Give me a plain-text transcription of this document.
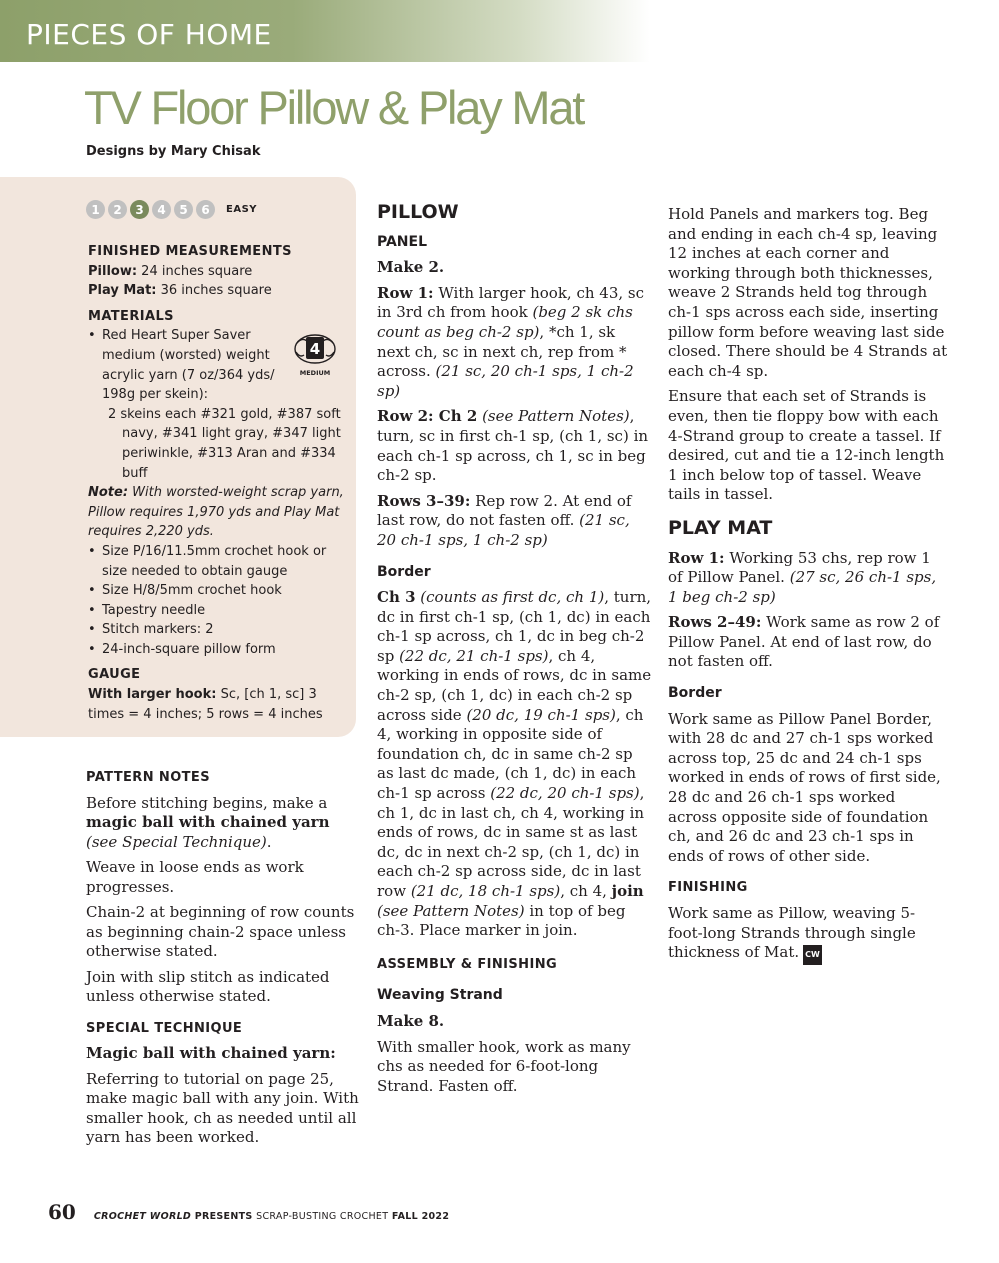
PIECES OF HOME
TV Floor Pillow & Play Mat
Designs by Mary Chisak
1	2	3	4	5	6	EASY
4
MEDIUM
FINISHED MEASUREMENTS
Pillow: 24 inches square
Play Mat: 36 inches square
MATERIALS
• Red Heart Super Saver medium (worsted) weight acrylic yarn (7 oz/364 yds/ 198g per skein):
2 skeins each #321 gold, #387 soft navy, #341 light gray, #347 light periwinkle, #313 Aran and #334 buff
Note: With worsted-weight scrap yarn, Pillow requires 1,970 yds and Play Mat requires 2,220 yds.
• Size P/16/11.5mm crochet hook or size needed to obtain gauge
• Size H/8/5mm crochet hook
• Tapestry needle
• Stitch markers: 2
• 24-inch-square pillow form
GAUGE
With larger hook: Sc, [ch 1, sc] 3 times = 4 inches; 5 rows = 4 inches
PATTERN NOTES

Before stitching begins, make a magic ball with chained yarn (see Special Technique).

Weave in loose ends as work progresses.

Chain-2 at beginning of row counts as beginning chain-2 space unless otherwise stated.

Join with slip stitch as indicated unless otherwise stated.

SPECIAL TECHNIQUE

Magic ball with chained yarn:

Referring to tutorial on page 25, make magic ball with any join. With smaller hook, ch as needed until all yarn has been worked.

PILLOW
PANEL

Make 2.

Row 1: With larger hook, ch 43, sc in 3rd ch from hook (beg 2 sk chs count as beg ch-2 sp), *ch 1, sk next ch, sc in next ch, rep from * across. (21 sc, 20 ch-1 sps, 1 ch-2 sp)

Row 2: Ch 2 (see Pattern Notes), turn, sc in first ch-1 sp, (ch 1, sc) in each ch-1 sp across, ch 1, sc in beg ch-2 sp.

Rows 3–39: Rep row 2. At end of last row, do not fasten off. (21 sc, 20 ch-1 sps, 1 ch-2 sp)

Border

Ch 3 (counts as first dc, ch 1), turn, dc in first ch-1 sp, (ch 1, dc) in each ch-1 sp across, ch 1, dc in beg ch-2 sp (22 dc, 21 ch-1 sps), ch 4, working in ends of rows, dc in same ch-2 sp, (ch 1, dc) in each ch-2 sp across side (20 dc, 19 ch-1 sps), ch 4, working in opposite side of foundation ch, dc in same ch-2 sp as last dc made, (ch 1, dc) in each ch-1 sp across (22 dc, 20 ch-1 sps), ch 1, dc in last ch, ch 4, working in ends of rows, dc in same st as last dc, dc in next ch-2 sp, (ch 1, dc) in each ch-2 sp across side, dc in last row (21 dc, 18 ch-1 sps), ch 4, join (see Pattern Notes) in top of beg ch-3. Place marker in join.

ASSEMBLY & FINISHING
Weaving Strand

Make 8.

With smaller hook, work as many chs as needed for 6-foot-long Strand. Fasten off.

Hold Panels and markers tog. Beg and ending in each ch-4 sp, leaving 12 inches at each corner and working through both thicknesses, weave 2 Strands held tog through ch-1 sps across each side, inserting pillow form before weaving last side closed. There should be 4 Strands at each ch-4 sp.

Ensure that each set of Strands is even, then tie floppy bow with each 4-Strand group to create a tassel. If desired, cut and tie a 12-inch length 1 inch below top of tassel. Weave tails in tassel.

PLAY MAT

Row 1: Working 53 chs, rep row 1 of Pillow Panel. (27 sc, 26 ch-1 sps, 1 beg ch-2 sp)

Rows 2–49: Work same as row 2 of Pillow Panel. At end of last row, do not fasten off.

Border

Work same as Pillow Panel Border, with 28 dc and 27 ch-1 sps worked across top, 25 dc and 24 ch-1 sps worked in ends of rows of first side, 28 dc and 26 ch-1 sps worked across opposite side of foundation ch, and 26 dc and 23 ch-1 sps in ends of rows of other side.

FINISHING

Work same as Pillow, weaving 5-foot-long Strands through single thickness of Mat. CW

60 CROCHET WORLD PRESENTS SCRAP-BUSTING CROCHET FALL 2022
